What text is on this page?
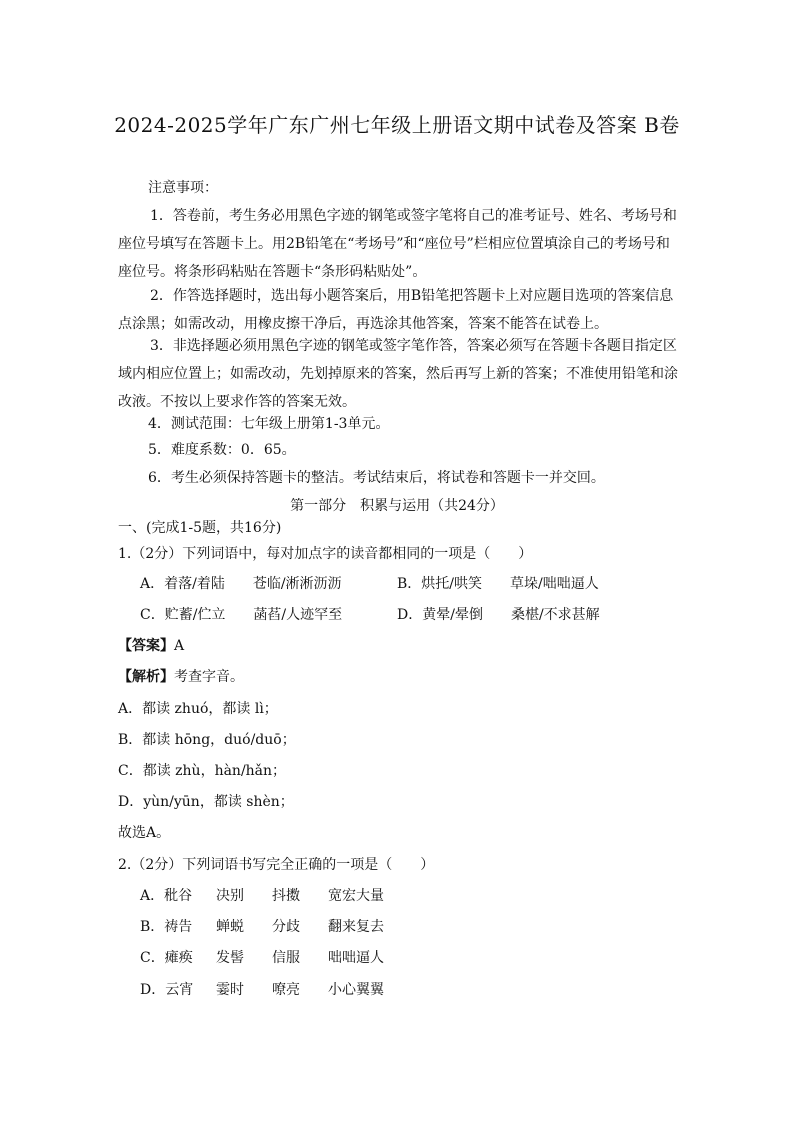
2024-2025学年广东广州七年级上册语文期中试卷及答案 B卷
注意事项：
1．答卷前，考生务必用黑色字迹的钢笔或签字笔将自己的准考证号、姓名、考场号和座位号填写在答题卡上。用2B铅笔在“考场号”和“座位号”栏相应位置填涂自己的考场号和座位号。将条形码粘贴在答题卡“条形码粘贴处”。
2．作答选择题时，选出每小题答案后，用B铅笔把答题卡上对应题目选项的答案信息点涂黑；如需改动，用橡皮擦干净后，再选涂其他答案，答案不能答在试卷上。
3．非选择题必须用黑色字迹的钢笔或签字笔作答，答案必须写在答题卡各题目指定区域内相应位置上；如需改动，先划掉原来的答案，然后再写上新的答案；不准使用铅笔和涂改液。不按以上要求作答的答案无效。
4．测试范围：七年级上册第1-3单元。
5．难度系数：0．65。
6．考生必须保持答题卡的整洁。考试结束后，将试卷和答题卡一并交回。
第一部分　积累与运用（共24分）
一、(完成1-5题，共16分)
1.（2分）下列词语中，每对加点字的读音都相同的一项是（　　）
A．着落/着陆　　苍临/淅淅沥沥	B．烘托/哄笑　　草垛/咄咄逼人
C．贮蓄/伫立　　菡萏/人迹罕至	D．黄晕/晕倒　　桑椹/不求甚解
【答案】A
【解析】考查字音。
A．都读 zhuó，都读 lì；
B．都读 hōng，duó/duō；
C．都读 zhù，hàn/hǎn；
D．yùn/yūn，都读 shèn；
故选A。
2.（2分）下列词语书写完全正确的一项是（　　）
A．秕谷 决别 抖擞 宽宏大量
B．祷告 蝉蜕 分歧 翻来复去
C．瘫痪 发髻 信服 咄咄逼人
D．云宵 霎时 嘹亮 小心翼翼
